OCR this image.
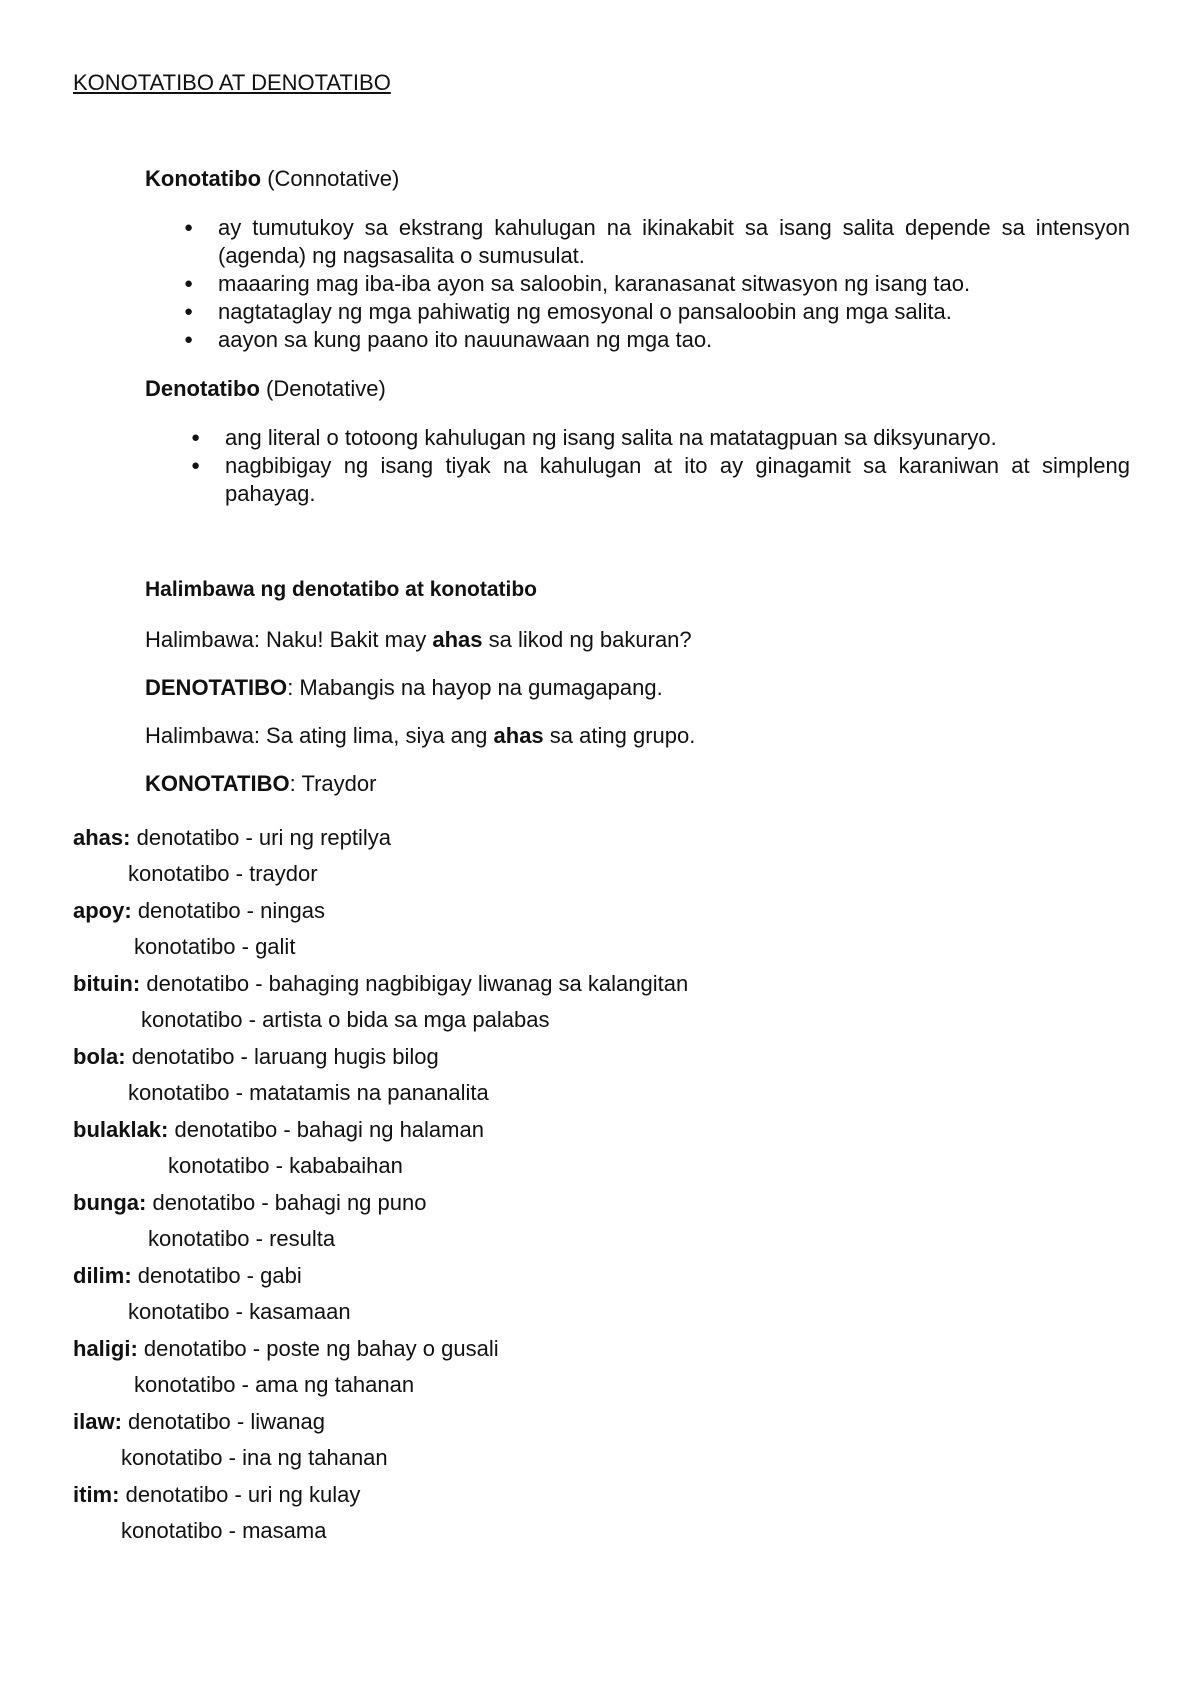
KONOTATIBO AT DENOTATIBO

Konotatibo (Connotative)

● ay tumutukoy sa ekstrang kahulugan na ikinakabit sa isang salita depende sa intensyon (agenda) ng nagsasalita o sumusulat.
● maaaring mag iba-iba ayon sa saloobin, karanasanat sitwasyon ng isang tao.
● nagtataglay ng mga pahiwatig ng emosyonal o pansaloobin ang mga salita.
● aayon sa kung paano ito nauunawaan ng mga tao.

Denotatibo (Denotative)

● ang literal o totoong kahulugan ng isang salita na matatagpuan sa diksyunaryo.
● nagbibigay ng isang tiyak na kahulugan at ito ay ginagamit sa karaniwan at simpleng pahayag.

Halimbawa ng denotatibo at konotatibo

Halimbawa: Naku! Bakit may ahas sa likod ng bakuran?

DENOTATIBO: Mabangis na hayop na gumagapang.

Halimbawa: Sa ating lima, siya ang ahas sa ating grupo.

KONOTATIBO: Traydor

ahas: denotatibo - uri ng reptilya
konotatibo - traydor
apoy: denotatibo - ningas
konotatibo - galit
bituin: denotatibo - bahaging nagbibigay liwanag sa kalangitan
konotatibo - artista o bida sa mga palabas
bola: denotatibo - laruang hugis bilog
konotatibo - matatamis na pananalita
bulaklak: denotatibo - bahagi ng halaman
konotatibo - kababaihan
bunga: denotatibo - bahagi ng puno
konotatibo - resulta
dilim: denotatibo - gabi
konotatibo - kasamaan
haligi: denotatibo - poste ng bahay o gusali
konotatibo - ama ng tahanan
ilaw: denotatibo - liwanag
konotatibo - ina ng tahanan
itim: denotatibo - uri ng kulay
konotatibo - masama
